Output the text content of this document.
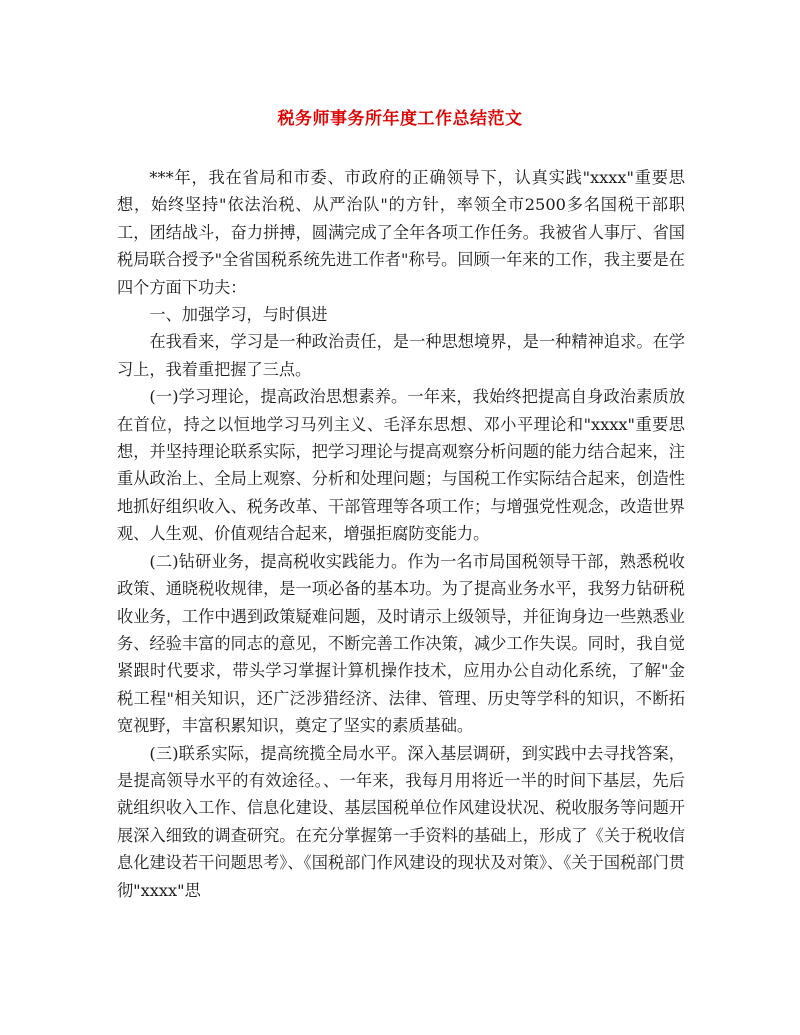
税务师事务所年度工作总结范文

***年，我在省局和市委、市政府的正确领导下，认真实践"xxxx"重要思想，始终坚持"依法治税、从严治队"的方针，率领全市2500多名国税干部职工，团结战斗，奋力拼搏，圆满完成了全年各项工作任务。我被省人事厅、省国税局联合授予"全省国税系统先进工作者"称号。回顾一年来的工作，我主要是在四个方面下功夫：

一、加强学习，与时俱进

在我看来，学习是一种政治责任，是一种思想境界，是一种精神追求。在学习上，我着重把握了三点。

(一)学习理论，提高政治思想素养。一年来，我始终把提高自身政治素质放在首位，持之以恒地学习马列主义、毛泽东思想、邓小平理论和"xxxx"重要思想，并坚持理论联系实际，把学习理论与提高观察分析问题的能力结合起来，注重从政治上、全局上观察、分析和处理问题；与国税工作实际结合起来，创造性地抓好组织收入、税务改革、干部管理等各项工作；与增强党性观念，改造世界观、人生观、价值观结合起来，增强拒腐防变能力。

(二)钻研业务，提高税收实践能力。作为一名市局国税领导干部，熟悉税收政策、通晓税收规律，是一项必备的基本功。为了提高业务水平，我努力钻研税收业务，工作中遇到政策疑难问题，及时请示上级领导，并征询身边一些熟悉业务、经验丰富的同志的意见，不断完善工作决策，减少工作失误。同时，我自觉紧跟时代要求，带头学习掌握计算机操作技术，应用办公自动化系统，了解"金税工程"相关知识，还广泛涉猎经济、法律、管理、历史等学科的知识，不断拓宽视野，丰富积累知识，奠定了坚实的素质基础。

(三)联系实际，提高统揽全局水平。深入基层调研，到实践中去寻找答案，是提高领导水平的有效途径。、一年来，我每月用将近一半的时间下基层，先后就组织收入工作、信息化建设、基层国税单位作风建设状况、税收服务等问题开展深入细致的调查研究。在充分掌握第一手资料的基础上，形成了《关于税收信息化建设若干问题思考》、《国税部门作风建设的现状及对策》、《关于国税部门贯彻"xxxx"思
